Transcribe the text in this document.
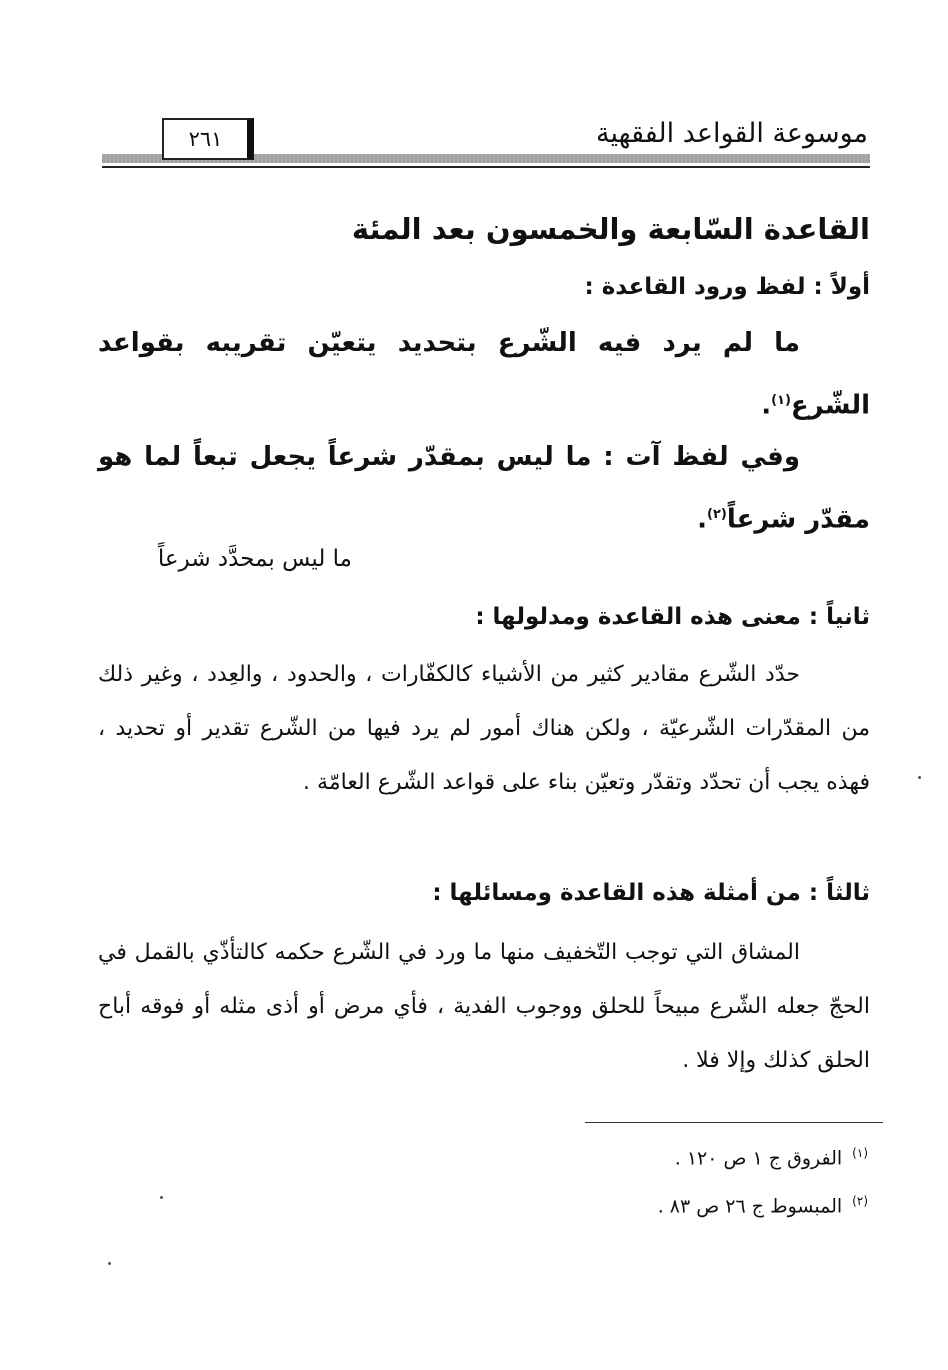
موسوعة القواعد الفقهية
٢٦١
القاعدة السّابعة والخمسون بعد المئة
أولاً : لفظ ورود القاعدة :
ما لم يرد فيه الشّرع بتحديد يتعيّن تقريبه بقواعد الشّرع$^{(١)}$.
وفي لفظ آت : ما ليس بمقدّر شرعاً يجعل تبعاً لما هو مقدّر شرعاً$^{(٢)}$.
ما ليس بمحدَّد شرعاً
ثانياً : معنى هذه القاعدة ومدلولها :
حدّد الشّرع مقادير كثير من الأشياء كالكفّارات ، والحدود ، والعِدد ، وغير ذلك من المقدّرات الشّرعيّة ، ولكن هناك أمور لم يرد فيها من الشّرع تقدير أو تحديد ، فهذه يجب أن تحدّد وتقدّر وتعيّن بناء على قواعد الشّرع العامّة .
ثالثاً : من أمثلة هذه القاعدة ومسائلها :
المشاق التي توجب التّخفيف منها ما ورد في الشّرع حكمه كالتأذّي بالقمل في الحجّ جعله الشّرع مبيحاً للحلق ووجوب الفدية ، فأي مرض أو أذى مثله أو فوقه أباح الحلق كذلك وإلا فلا .
$^{(١)}$الفروق ج ١ ص ١٢٠ .
$^{(٢)}$المبسوط ج ٢٦ ص ٨٣ .
